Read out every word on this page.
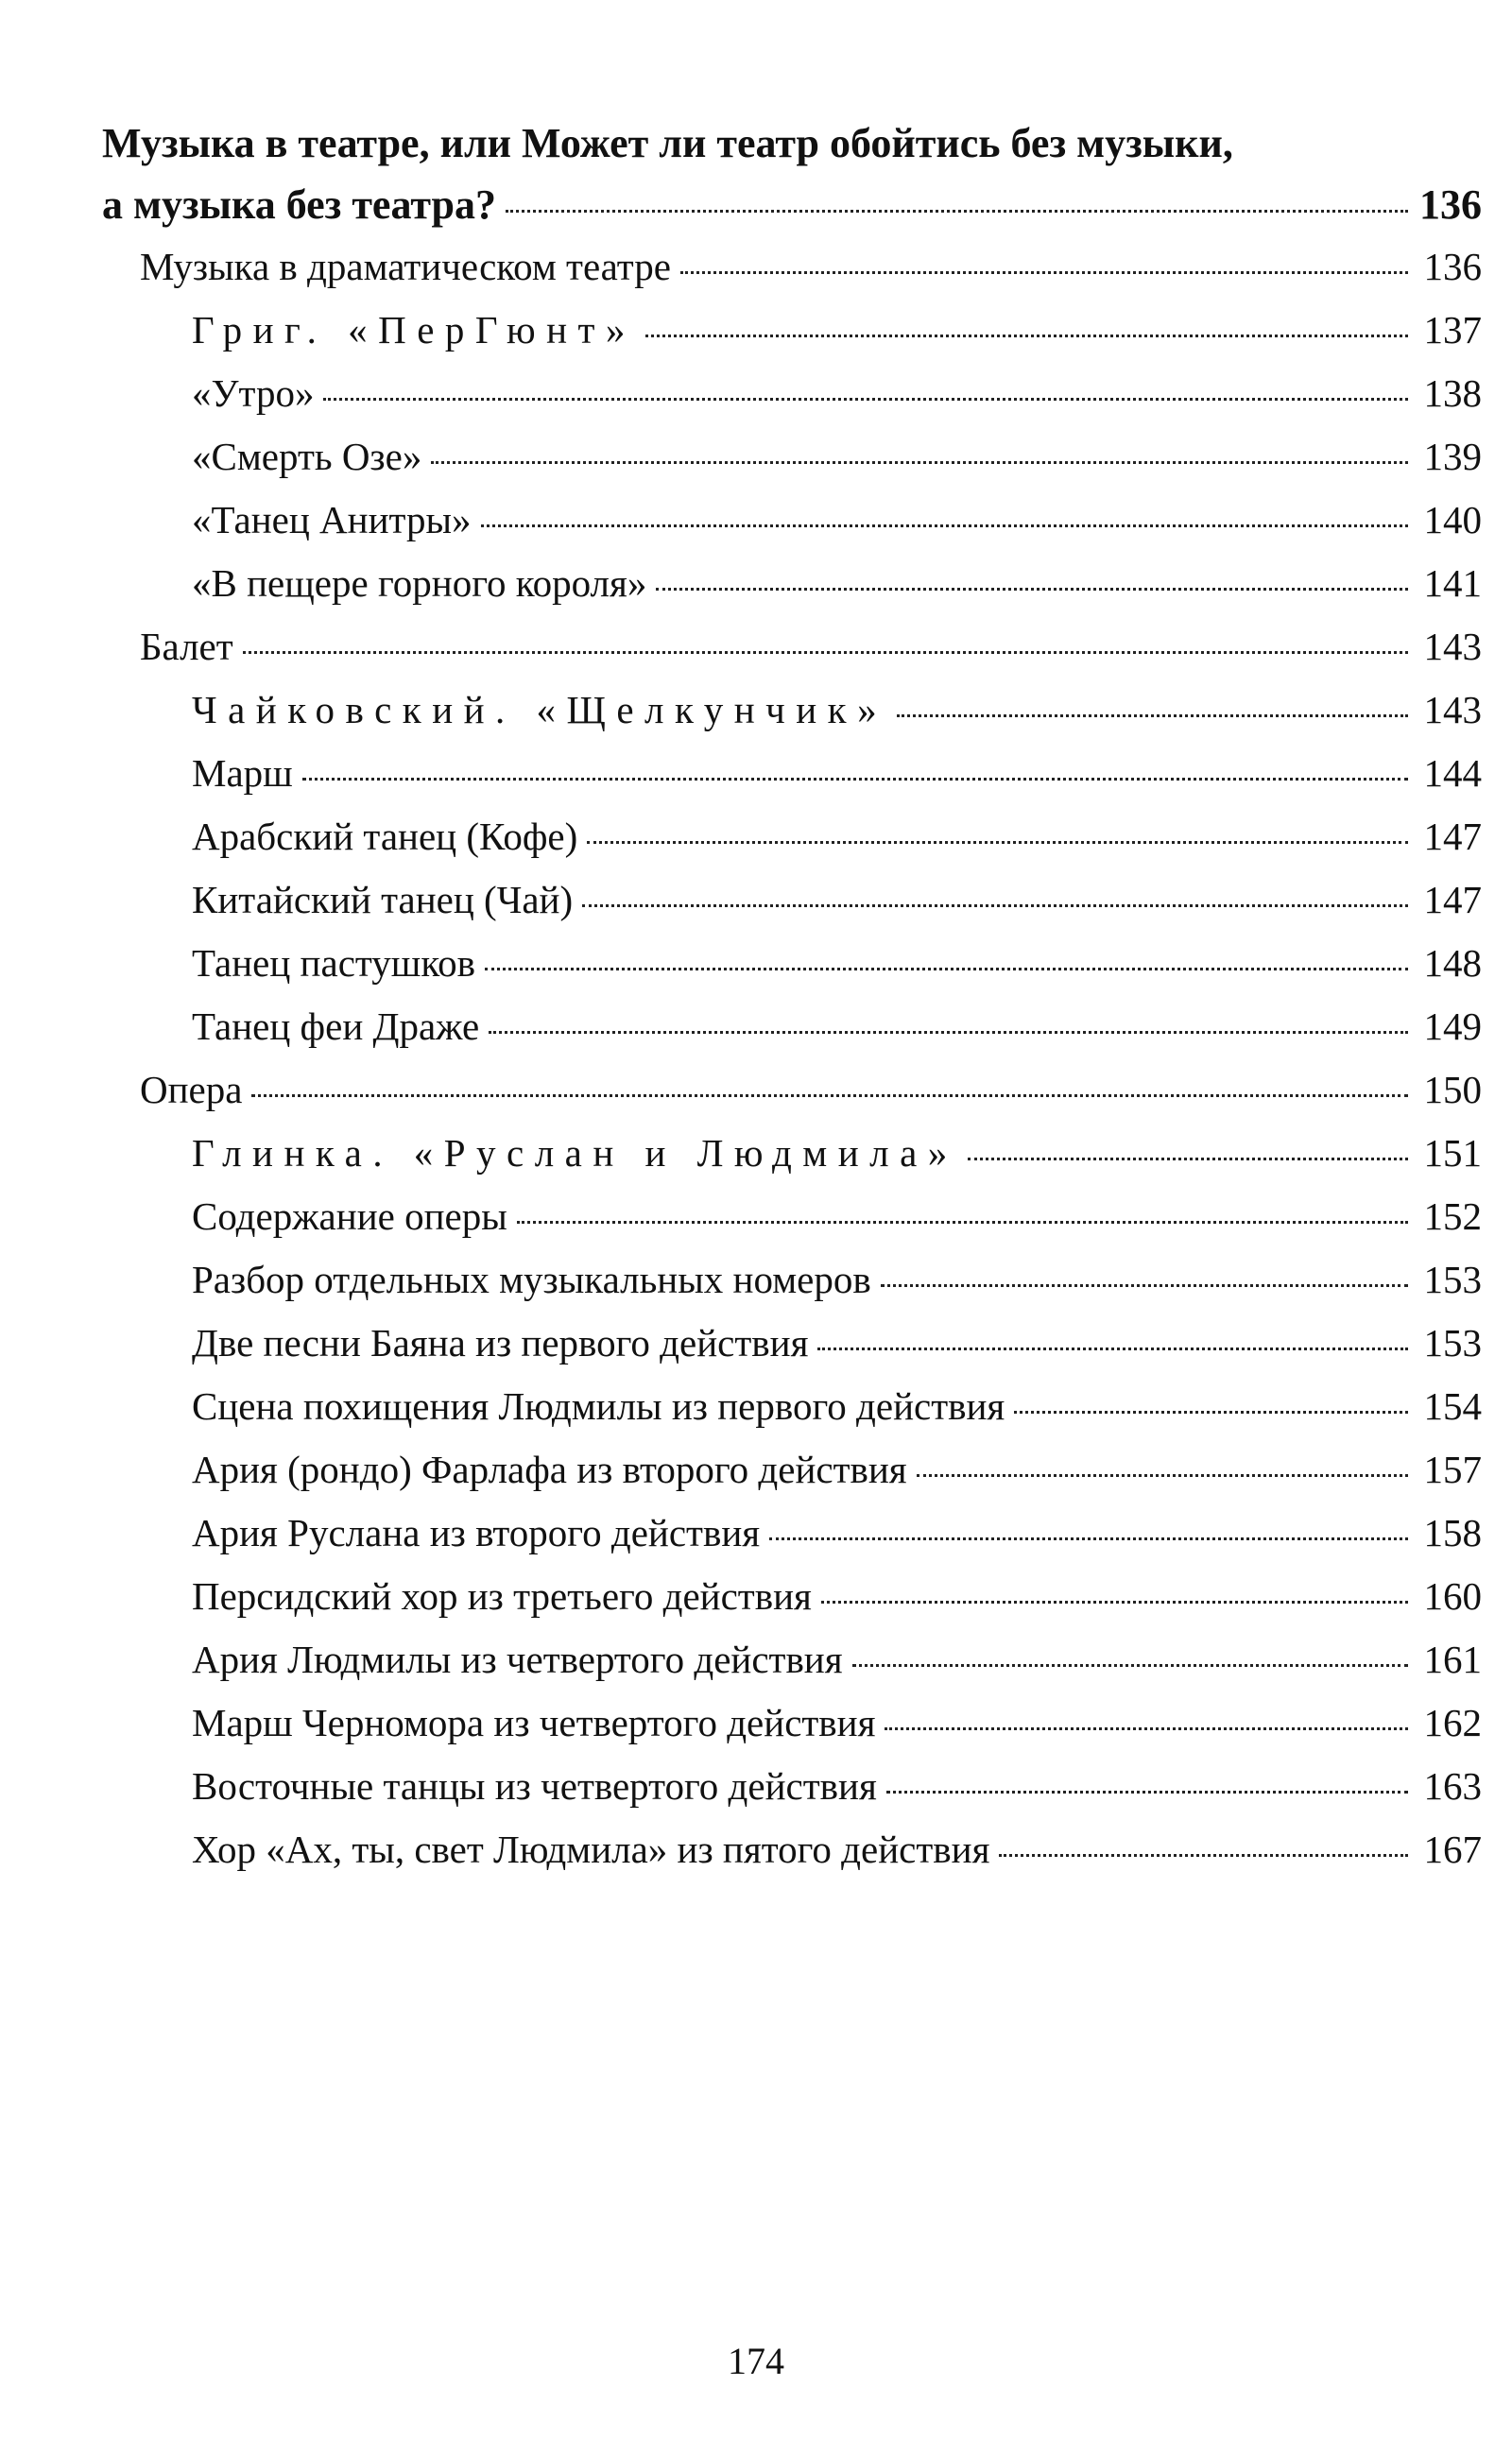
Музыка в театре, или Может ли театр обойтись без музыки,
а музыка без театра?	136
Музыка в драматическом театре	136
Григ. «ПерГюнт»	137
«Утро»	138
«Смерть Озе»	139
«Танец Анитры»	140
«В пещере горного короля»	141
Балет	143
Чайковский. «Щелкунчик»	143
Марш	144
Арабский танец (Кофе)	147
Китайский танец (Чай)	147
Танец пастушков	148
Танец феи Драже	149
Опера	150
Глинка. «Руслан и Людмила»	151
Содержание оперы	152
Разбор отдельных музыкальных номеров	153
Две песни Баяна из первого действия	153
Сцена похищения Людмилы из первого действия	154
Ария (рондо) Фарлафа из второго действия	157
Ария Руслана из второго действия	158
Персидский хор из третьего действия	160
Ария Людмилы из четвертого действия	161
Марш Черномора из четвертого действия	162
Восточные танцы из четвертого действия	163
Хор «Ах, ты, свет Людмила» из пятого действия	167
174
